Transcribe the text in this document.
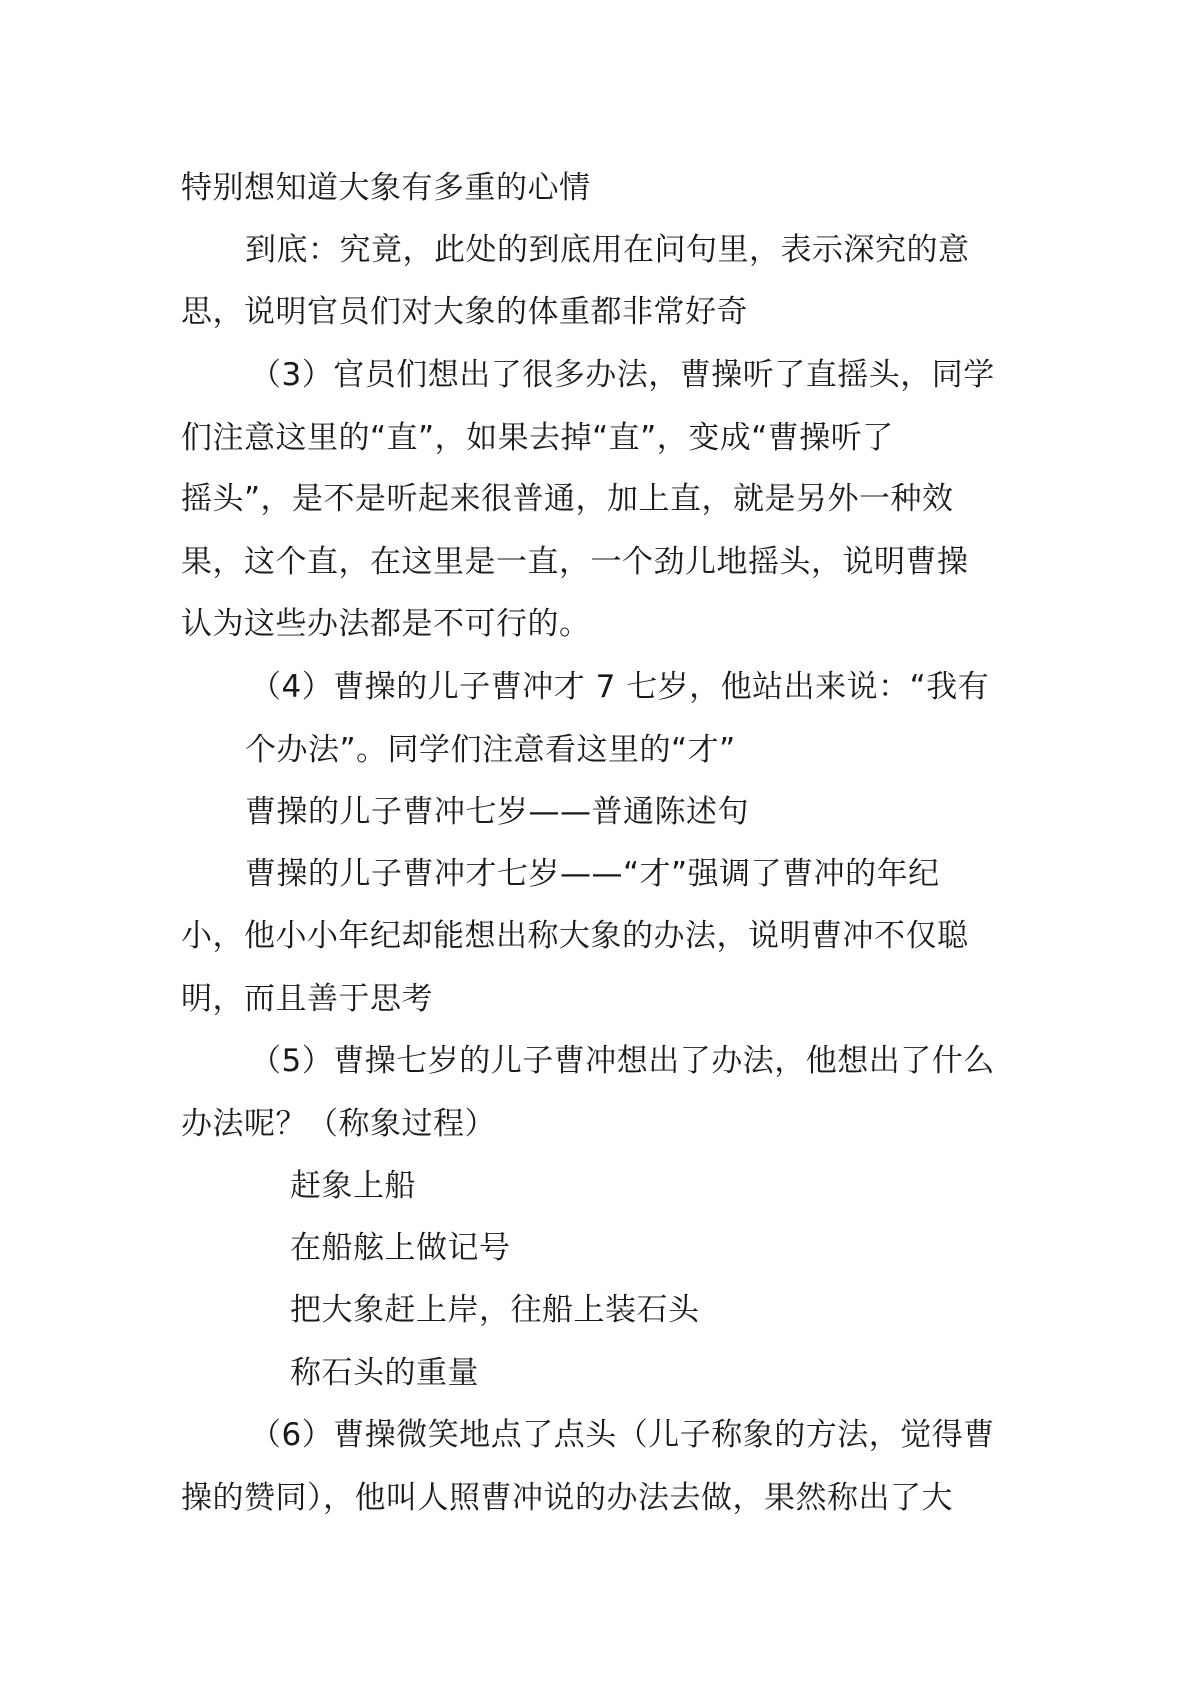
特别想知道大象有多重的心情
到底：究竟，此处的到底用在问句里，表示深究的意
思，说明官员们对大象的体重都非常好奇
（3）官员们想出了很多办法，曹操听了直摇头，同学
们注意这里的“直”，如果去掉“直”，变成“曹操听了
摇头”，是不是听起来很普通，加上直，就是另外一种效
果，这个直，在这里是一直，一个劲儿地摇头，说明曹操
认为这些办法都是不可行的。
（4）曹操的儿子曹冲才 7 七岁，他站出来说：“我有
个办法”。同学们注意看这里的“才”
曹操的儿子曹冲七岁——普通陈述句
曹操的儿子曹冲才七岁——“才”强调了曹冲的年纪
小，他小小年纪却能想出称大象的办法，说明曹冲不仅聪
明，而且善于思考
（5）曹操七岁的儿子曹冲想出了办法，他想出了什么
办法呢？（称象过程）
赶象上船
在船舷上做记号
把大象赶上岸，往船上装石头
称石头的重量
（6）曹操微笑地点了点头（儿子称象的方法，觉得曹
操的赞同），他叫人照曹冲说的办法去做，果然称出了大
